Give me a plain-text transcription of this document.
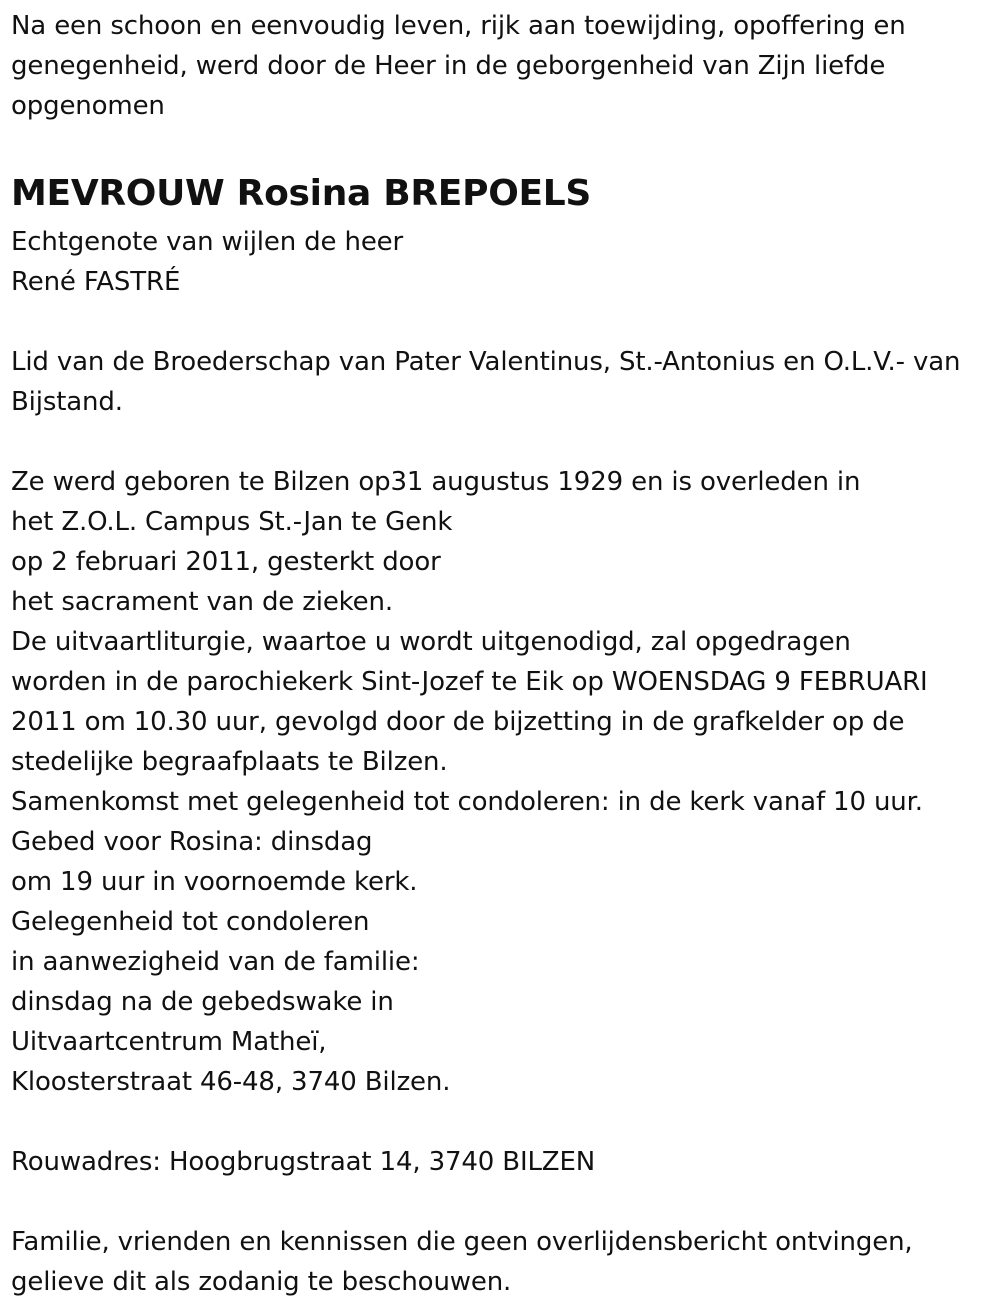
Na een schoon en eenvoudig leven, rijk aan toewijding, opoffering en
genegenheid, werd door de Heer in de geborgenheid van Zijn liefde
opgenomen
MEVROUW Rosina BREPOELS
Echtgenote van wijlen de heer
René FASTRÉ
Lid van de Broederschap van Pater Valentinus, St.-Antonius en O.L.V.- van
Bijstand.
Ze werd geboren te Bilzen op31 augustus 1929 en is overleden in
het Z.O.L. Campus St.-Jan te Genk
op 2 februari 2011, gesterkt door
het sacrament van de zieken.
De uitvaartliturgie, waartoe u wordt uitgenodigd, zal opgedragen
worden in de parochiekerk Sint-Jozef te Eik op WOENSDAG 9 FEBRUARI
2011 om 10.30 uur, gevolgd door de bijzetting in de grafkelder op de
stedelijke begraafplaats te Bilzen.
Samenkomst met gelegenheid tot condoleren: in de kerk vanaf 10 uur.
Gebed voor Rosina: dinsdag
om 19 uur in voornoemde kerk.
Gelegenheid tot condoleren
in aanwezigheid van de familie:
dinsdag na de gebedswake in
Uitvaartcentrum Matheï,
Kloosterstraat 46-48, 3740 Bilzen.
Rouwadres: Hoogbrugstraat 14, 3740 BILZEN
Familie, vrienden en kennissen die geen overlijdensbericht ontvingen,
gelieve dit als zodanig te beschouwen.
